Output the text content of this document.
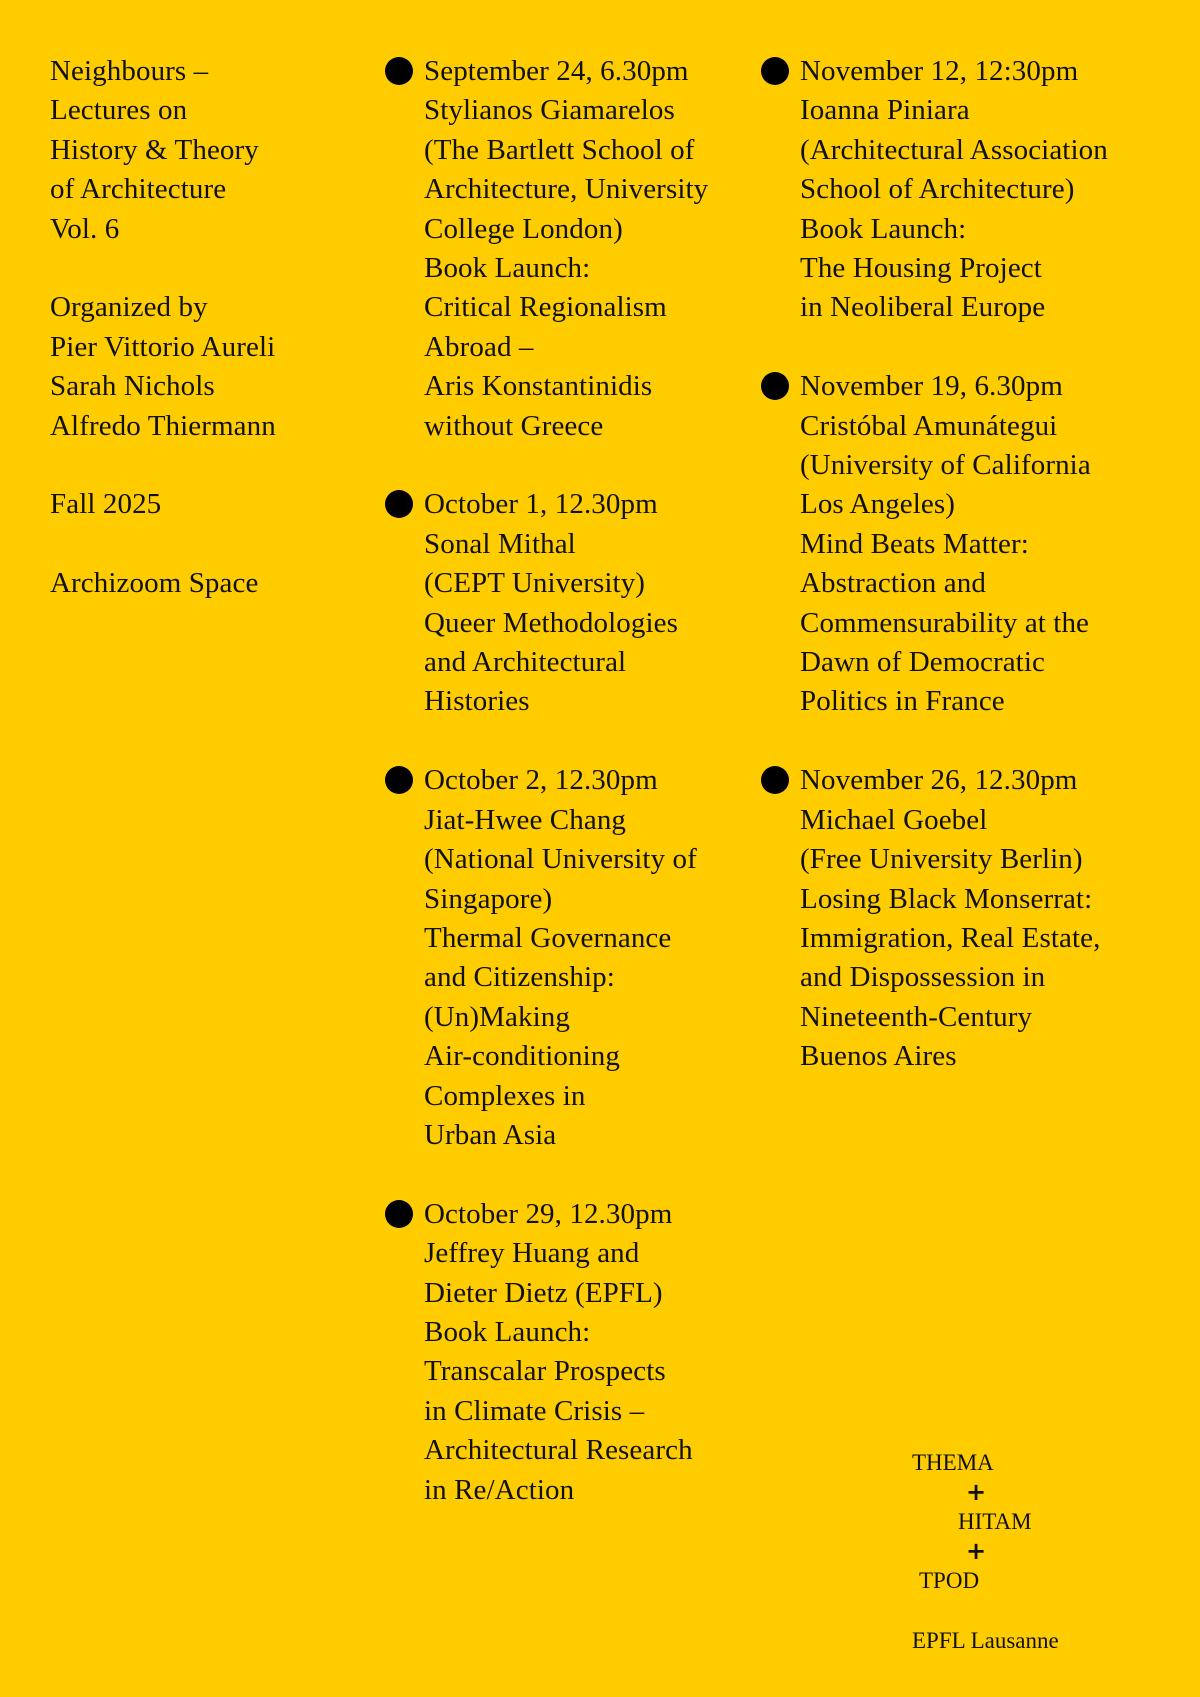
Neighbours –
Lectures on
History & Theory
of Architecture
Vol. 6
Organized by
Pier Vittorio Aureli
Sarah Nichols
Alfredo Thiermann
Fall 2025
Archizoom Space
September 24, 6.30pm
Stylianos Giamarelos
(The Bartlett School of
Architecture, University
College London)
Book Launch:
Critical Regionalism
Abroad –
Aris Konstantinidis
without Greece
October 1, 12.30pm
Sonal Mithal
(CEPT University)
Queer Methodologies
and Architectural
Histories
October 2, 12.30pm
Jiat-Hwee Chang
(National University of
Singapore)
Thermal Governance
and Citizenship:
(Un)Making
Air-conditioning
Complexes in
Urban Asia
October 29, 12.30pm
Jeffrey Huang and
Dieter Dietz (EPFL)
Book Launch:
Transcalar Prospects
in Climate Crisis –
Architectural Research
in Re/Action
November 12, 12:30pm
Ioanna Piniara
(Architectural Association
School of Architecture)
Book Launch:
The Housing Project
in Neoliberal Europe
November 19, 6.30pm
Cristóbal Amunátegui
(University of California
Los Angeles)
Mind Beats Matter:
Abstraction and
Commensurability at the
Dawn of Democratic
Politics in France
November 26, 12.30pm
Michael Goebel
(Free University Berlin)
Losing Black Monserrat:
Immigration, Real Estate,
and Dispossession in
Nineteenth-Century
Buenos Aires
THEMA
+
HITAM
+
TPOD
EPFL Lausanne
